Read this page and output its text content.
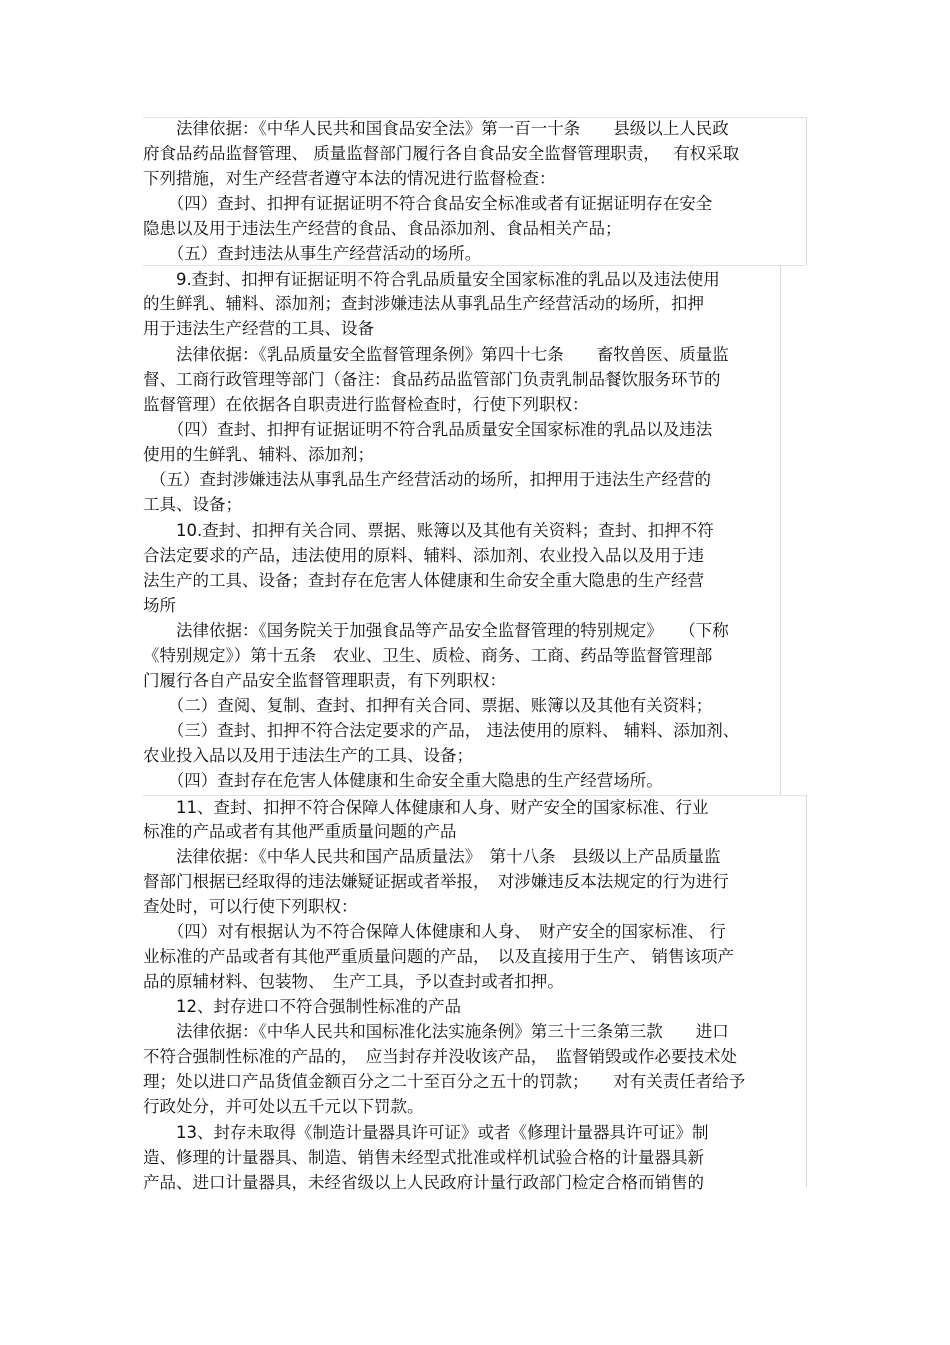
　　法律依据：《中华人民共和国食品安全法》第一百一十条　　县级以上人民政
府食品药品监督管理、 质量监督部门履行各自食品安全监督管理职责，　 有权采取
下列措施，对生产经营者遵守本法的情况进行监督检查：
　　（四）查封、扣押有证据证明不符合食品安全标准或者有证据证明存在安全
隐患以及用于违法生产经营的食品、食品添加剂、食品相关产品；
　　（五）查封违法从事生产经营活动的场所。
　　9.查封、扣押有证据证明不符合乳品质量安全国家标准的乳品以及违法使用
的生鲜乳、辅料、添加剂；查封涉嫌违法从事乳品生产经营活动的场所，扣押
用于违法生产经营的工具、设备
　　法律依据：《乳品质量安全监督管理条例》第四十七条　　畜牧兽医、质量监
督、工商行政管理等部门（备注：食品药品监管部门负责乳制品餐饮服务环节的
监督管理）在依据各自职责进行监督检查时，行使下列职权：
　　（四）查封、扣押有证据证明不符合乳品质量安全国家标准的乳品以及违法
使用的生鲜乳、辅料、添加剂；
（五）查封涉嫌违法从事乳品生产经营活动的场所，扣押用于违法生产经营的
工具、设备；
　　10.查封、扣押有关合同、票据、账簿以及其他有关资料；查封、扣押不符
合法定要求的产品，违法使用的原料、辅料、添加剂、农业投入品以及用于违
法生产的工具、设备；查封存在危害人体健康和生命安全重大隐患的生产经营
场所
　　法律依据：《国务院关于加强食品等产品安全监督管理的特别规定》　　（下称
《特别规定》）第十五条　农业、卫生、质检、商务、工商、药品等监督管理部
门履行各自产品安全监督管理职责，有下列职权：
　　（二）查阅、复制、查封、扣押有关合同、票据、账簿以及其他有关资料；
　　（三）查封、扣押不符合法定要求的产品， 违法使用的原料、 辅料、添加剂、
农业投入品以及用于违法生产的工具、设备；
　　（四）查封存在危害人体健康和生命安全重大隐患的生产经营场所。
　　11、查封、扣押不符合保障人体健康和人身、财产安全的国家标准、行业
标准的产品或者有其他严重质量问题的产品
　　法律依据：《中华人民共和国产品质量法》　第十八条　县级以上产品质量监
督部门根据已经取得的违法嫌疑证据或者举报，　对涉嫌违反本法规定的行为进行
查处时，可以行使下列职权：
　　（四）对有根据认为不符合保障人体健康和人身、　财产安全的国家标准、 行
业标准的产品或者有其他严重质量问题的产品，　以及直接用于生产、 销售该项产
品的原辅材料、包装物、　生产工具，予以查封或者扣押。
　　12、封存进口不符合强制性标准的产品
　　法律依据：《中华人民共和国标准化法实施条例》第三十三条第三款　　进口
不符合强制性标准的产品的，　应当封存并没收该产品，　监督销毁或作必要技术处
理；处以进口产品货值金额百分之二十至百分之五十的罚款；　　对有关责任者给予
行政处分，并可处以五千元以下罚款。
　　13、封存未取得《制造计量器具许可证》或者《修理计量器具许可证》制
造、修理的计量器具、制造、销售未经型式批准或样机试验合格的计量器具新
产品、进口计量器具，未经省级以上人民政府计量行政部门检定合格而销售的
